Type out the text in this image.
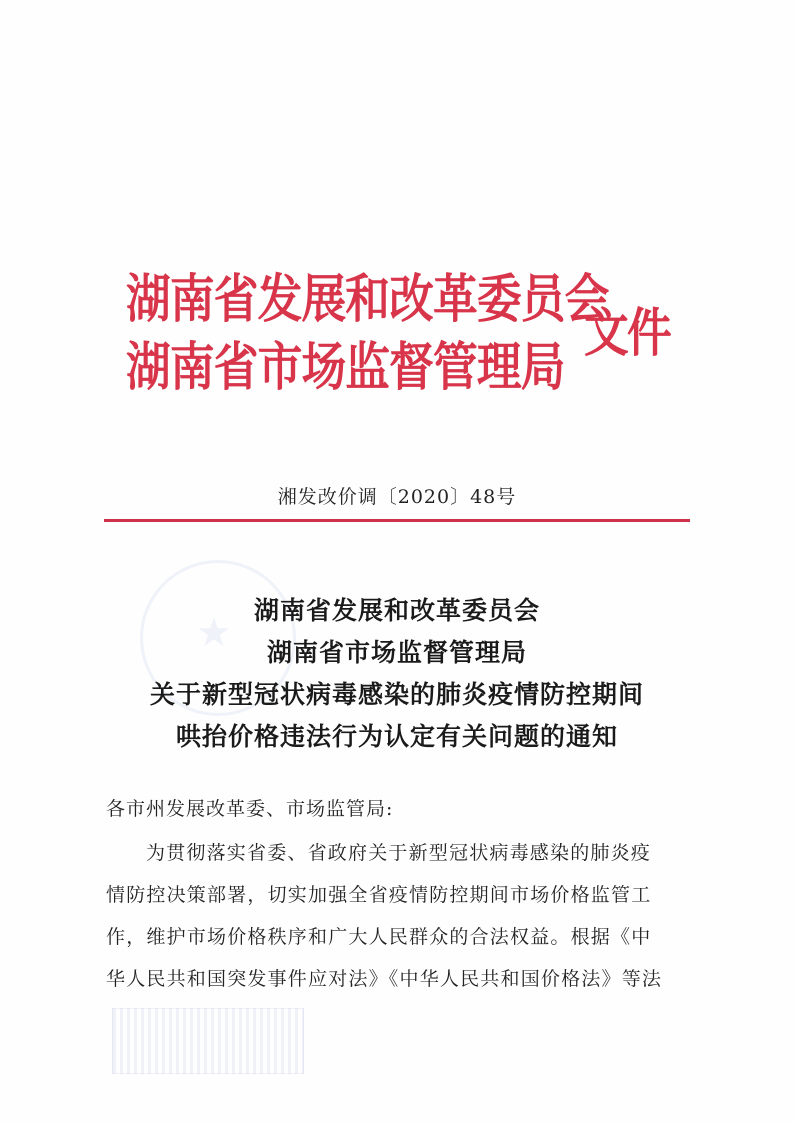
★
湖南省发展和改革委员会
湖南省市场监督管理局
文件
湘发改价调〔2020〕48号
湖南省发展和改革委员会
湖南省市场监督管理局
关于新型冠状病毒感染的肺炎疫情防控期间
哄抬价格违法行为认定有关问题的通知
各市州发展改革委、市场监管局:
为贯彻落实省委、省政府关于新型冠状病毒感染的肺炎疫
情防控决策部署，切实加强全省疫情防控期间市场价格监管工
作，维护市场价格秩序和广大人民群众的合法权益。根据《中
华人民共和国突发事件应对法》《中华人民共和国价格法》等法
